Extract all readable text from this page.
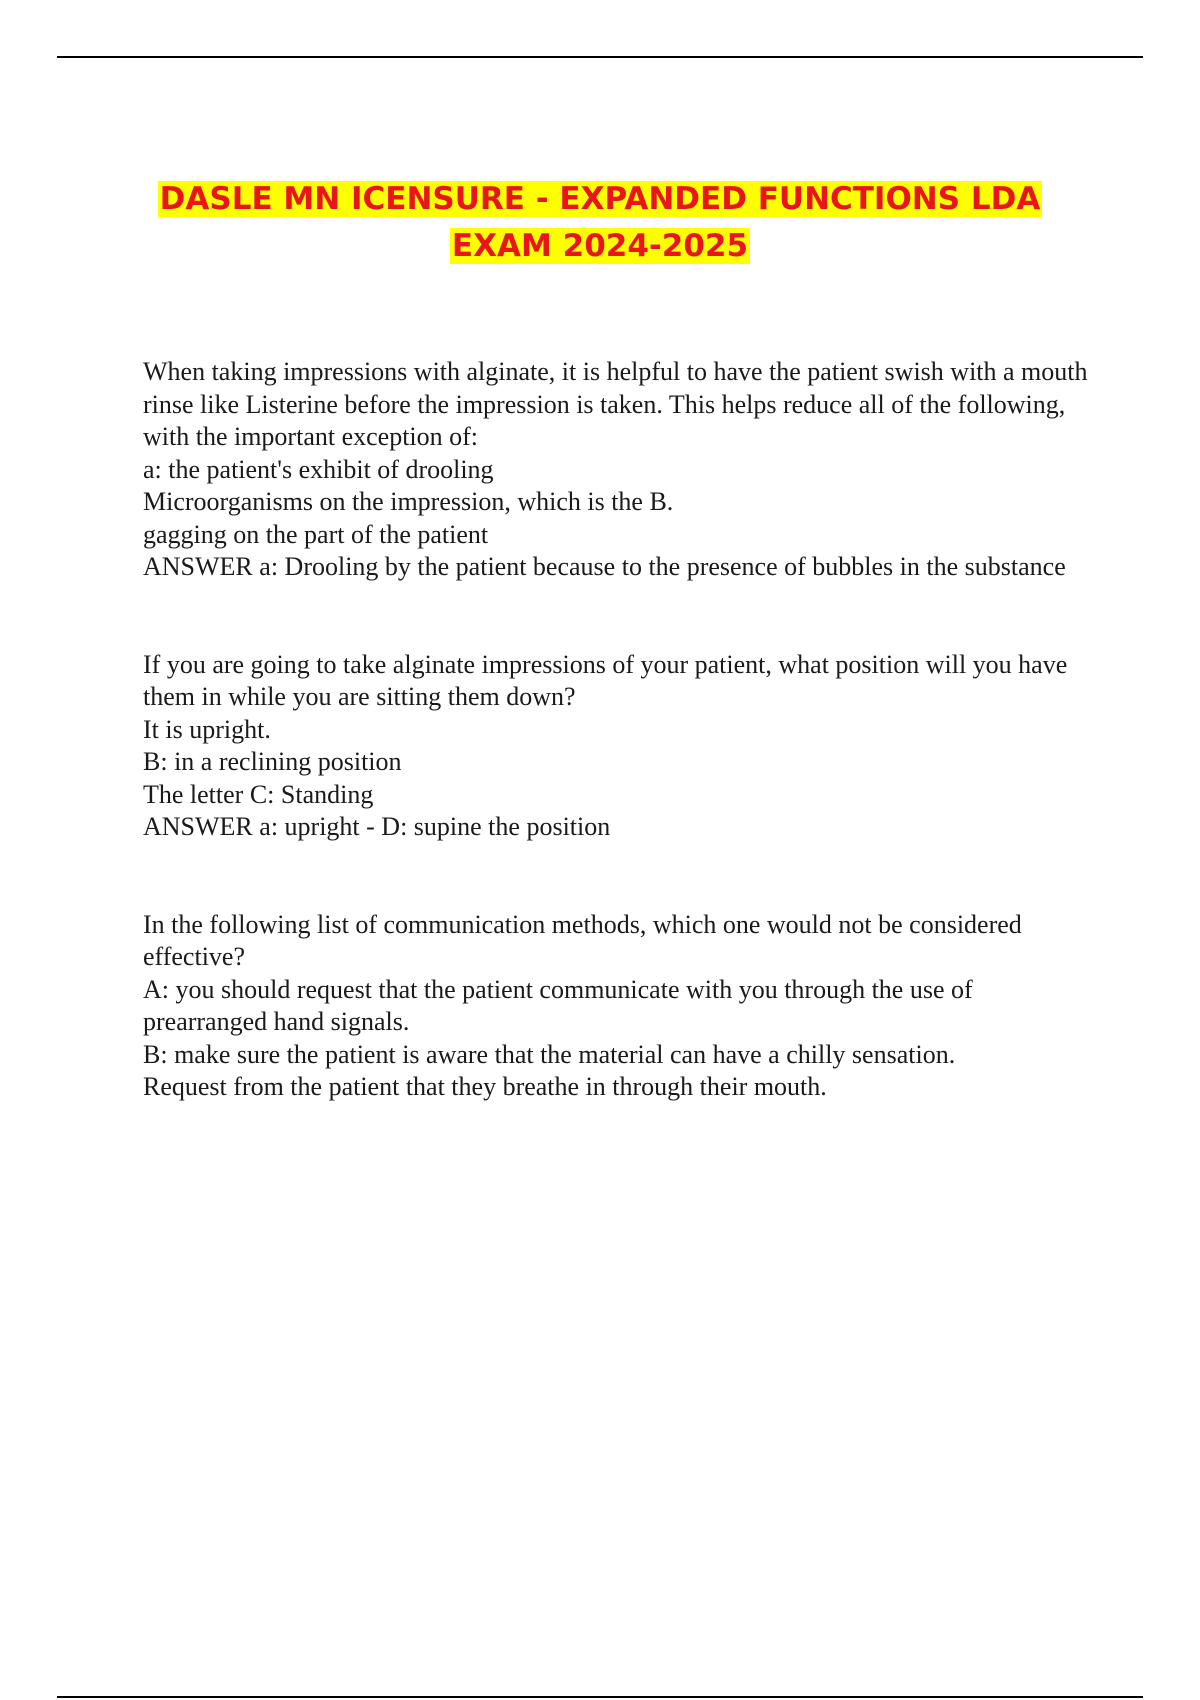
DASLE MN ICENSURE - EXPANDED FUNCTIONS LDA
EXAM 2024-2025

When taking impressions with alginate, it is helpful to have the patient swish with a mouth rinse like Listerine before the impression is taken. This helps reduce all of the following, with the important exception of:

a: the patient's exhibit of drooling

Microorganisms on the impression, which is the B.

gagging on the part of the patient

ANSWER a: Drooling by the patient because to the presence of bubbles in the substance

If you are going to take alginate impressions of your patient, what position will you have them in while you are sitting them down?

It is upright.

B: in a reclining position

The letter C: Standing

ANSWER a: upright - D: supine the position

In the following list of communication methods, which one would not be considered effective?

A: you should request that the patient communicate with you through the use of prearranged hand signals.

B: make sure the patient is aware that the material can have a chilly sensation.

Request from the patient that they breathe in through their mouth.
